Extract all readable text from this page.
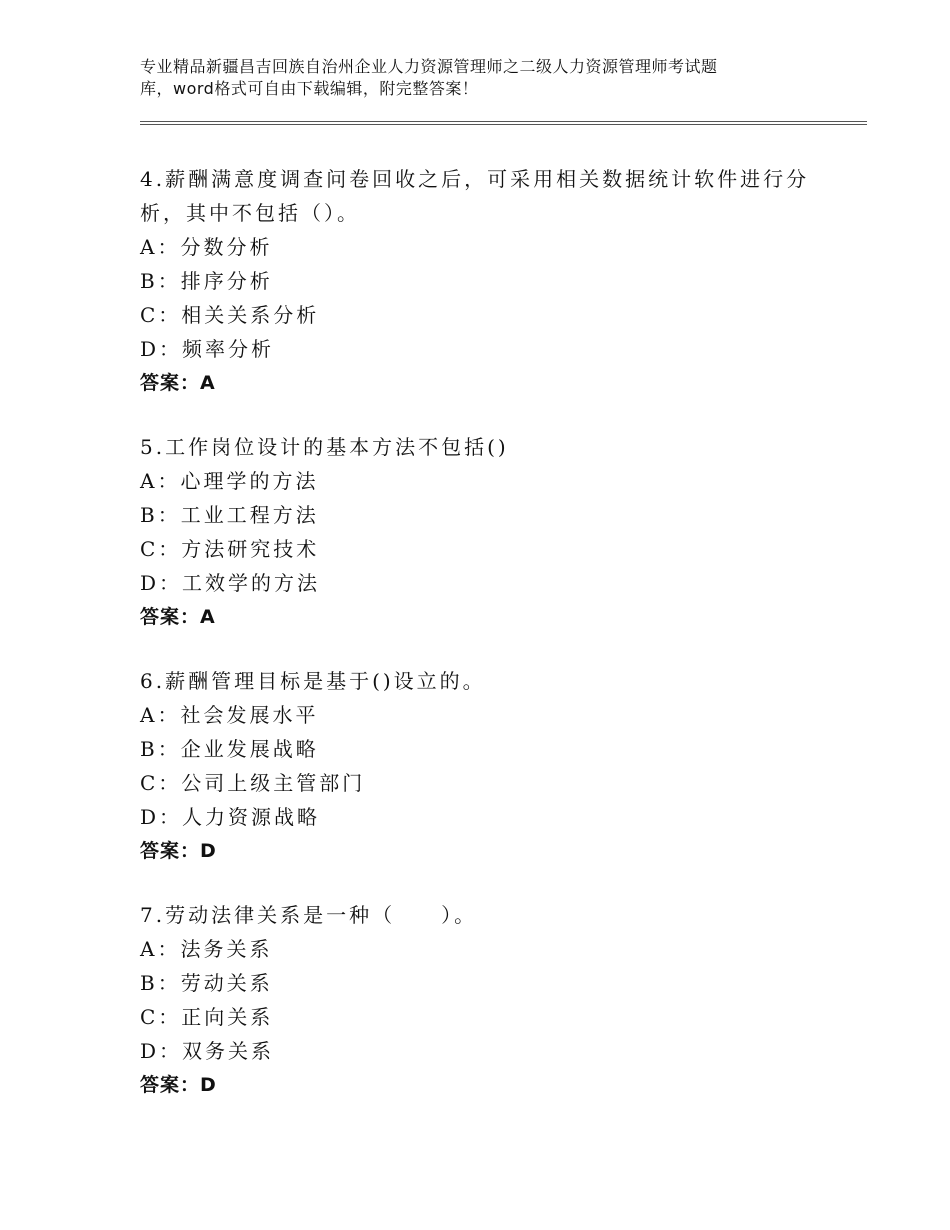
专业精品新疆昌吉回族自治州企业人力资源管理师之二级人力资源管理师考试题
库，word格式可自由下载编辑，附完整答案！
4.薪酬满意度调查问卷回收之后，可采用相关数据统计软件进行分
析，其中不包括（）。
A：分数分析
B：排序分析
C：相关关系分析
D：频率分析
答案：A
5.工作岗位设计的基本方法不包括()
A：心理学的方法
B：工业工程方法
C：方法研究技术
D：工效学的方法
答案：A
6.薪酬管理目标是基于()设立的。
A：社会发展水平
B：企业发展战略
C：公司上级主管部门
D：人力资源战略
答案：D
7.劳动法律关系是一种（　　）。
A：法务关系
B：劳动关系
C：正向关系
D：双务关系
答案：D
